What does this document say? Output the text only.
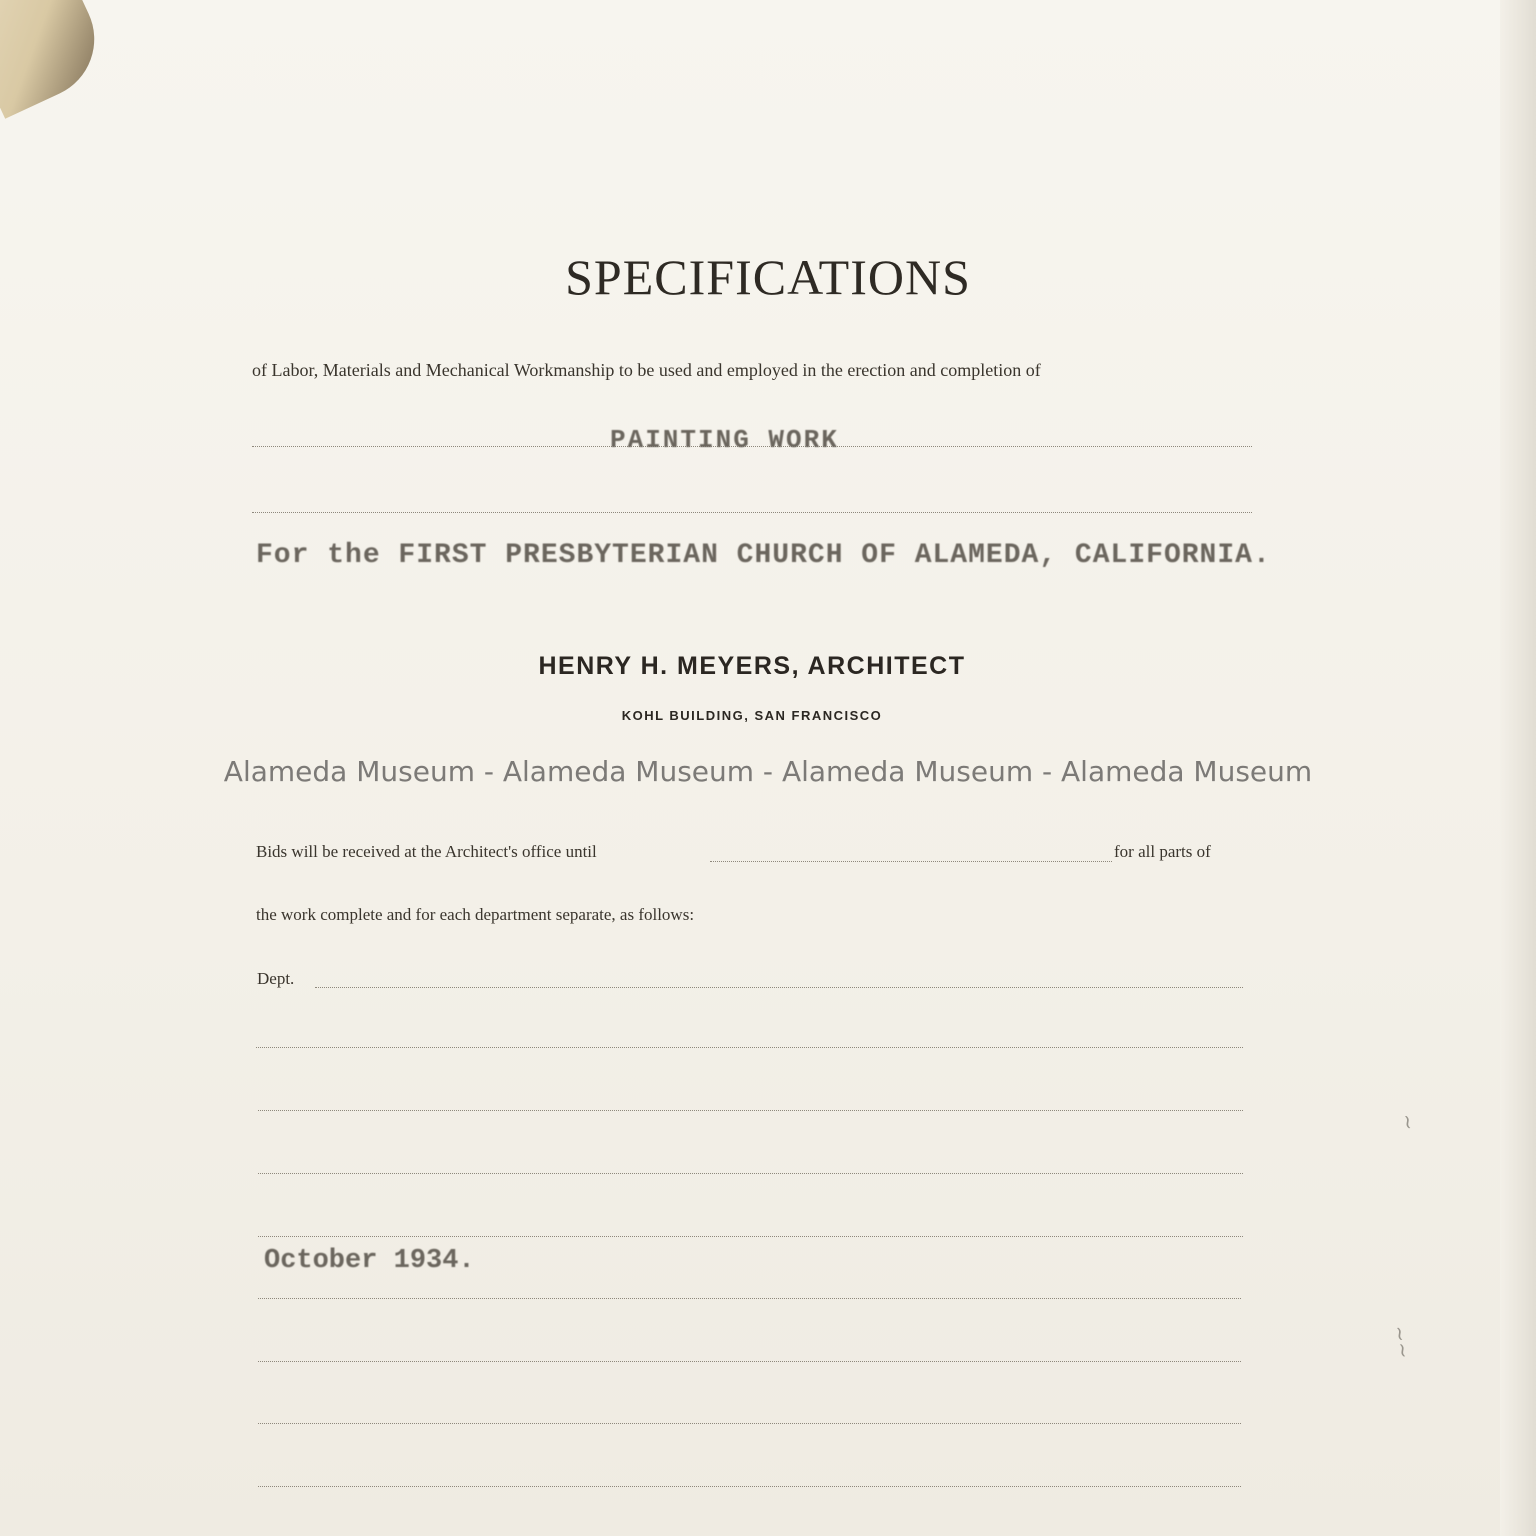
SPECIFICATIONS
of Labor, Materials and Mechanical Workmanship to be used and employed in the erection and completion of
PAINTING WORK
For the FIRST PRESBYTERIAN CHURCH OF ALAMEDA, CALIFORNIA.
HENRY H. MEYERS, ARCHITECT
KOHL BUILDING, SAN FRANCISCO
Alameda Museum - Alameda Museum - Alameda Museum - Alameda Museum
Bids will be received at the Architect's office until	for all parts of
the work complete and for each department separate, as follows:
Dept.
October 1934.
~
~~
